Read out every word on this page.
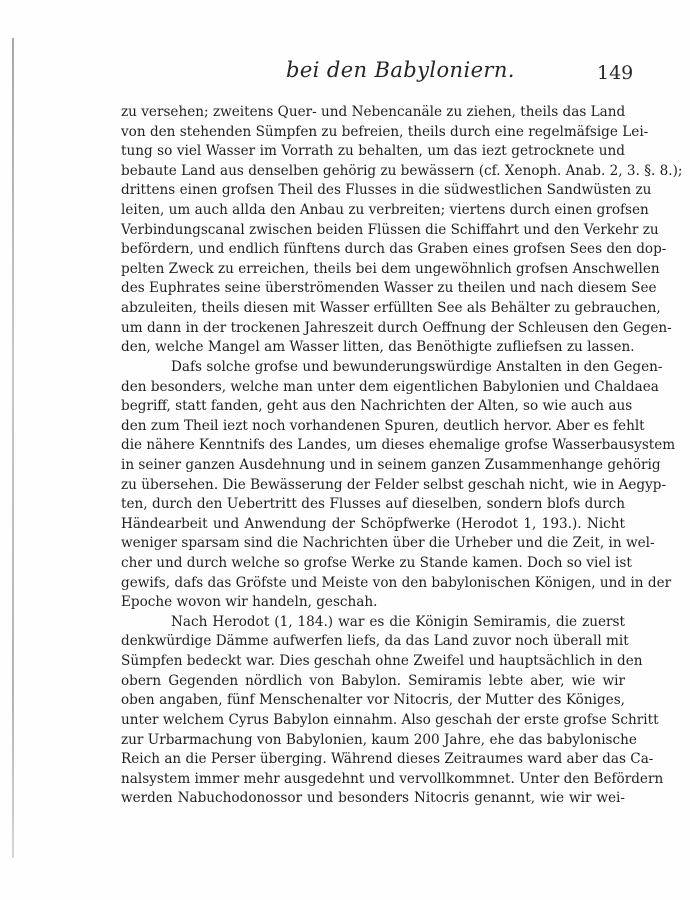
bei den Babyloniern.	149
zu versehen; zweitens Quer- und Nebencanäle zu ziehen, theils das Land
von den stehenden Sümpfen zu befreien, theils durch eine regelmäfsige Lei-
tung so viel Wasser im Vorrath zu behalten, um das iezt getrocknete und
bebaute Land aus denselben gehörig zu bewässern (cf. Xenoph. Anab. 2, 3. §. 8.);
drittens einen grofsen Theil des Flusses in die südwestlichen Sandwüsten zu
leiten, um auch allda den Anbau zu verbreiten; viertens durch einen grofsen
Verbindungscanal zwischen beiden Flüssen die Schiffahrt und den Verkehr zu
befördern, und endlich fünftens durch das Graben eines grofsen Sees den dop-
pelten Zweck zu erreichen, theils bei dem ungewöhnlich grofsen Anschwellen
des Euphrates seine überströmenden Wasser zu theilen und nach diesem See
abzuleiten, theils diesen mit Wasser erfüllten See als Behälter zu gebrauchen,
um dann in der trockenen Jahreszeit durch Oeffnung der Schleusen den Gegen-
den, welche Mangel am Wasser litten, das Benöthigte zufliefsen zu lassen.
Dafs solche grofse und bewunderungswürdige Anstalten in den Gegen-
den besonders, welche man unter dem eigentlichen Babylonien und Chaldaea
begriff, statt fanden, geht aus den Nachrichten der Alten, so wie auch aus
den zum Theil iezt noch vorhandenen Spuren, deutlich hervor. Aber es fehlt
die nähere Kenntnifs des Landes, um dieses ehemalige grofse Wasserbausystem
in seiner ganzen Ausdehnung und in seinem ganzen Zusammenhange gehörig
zu übersehen. Die Bewässerung der Felder selbst geschah nicht, wie in Aegyp-
ten, durch den Uebertritt des Flusses auf dieselben, sondern blofs durch
Händearbeit und Anwendung der Schöpfwerke (Herodot 1, 193.). Nicht
weniger sparsam sind die Nachrichten über die Urheber und die Zeit, in wel-
cher und durch welche so grofse Werke zu Stande kamen. Doch so viel ist
gewifs, dafs das Gröfste und Meiste von den babylonischen Königen, und in der
Epoche wovon wir handeln, geschah.
Nach Herodot (1, 184.) war es die Königin Semiramis, die zuerst
denkwürdige Dämme aufwerfen liefs, da das Land zuvor noch überall mit
Sümpfen bedeckt war. Dies geschah ohne Zweifel und hauptsächlich in den
obern Gegenden nördlich von Babylon. Semiramis lebte aber, wie wir
oben angaben, fünf Menschenalter vor Nitocris, der Mutter des Königes,
unter welchem Cyrus Babylon einnahm. Also geschah der erste grofse Schritt
zur Urbarmachung von Babylonien, kaum 200 Jahre, ehe das babylonische
Reich an die Perser überging. Während dieses Zeitraumes ward aber das Ca-
nalsystem immer mehr ausgedehnt und vervollkommnet. Unter den Befördern
werden Nabuchodonossor und besonders Nitocris genannt, wie wir wei-
